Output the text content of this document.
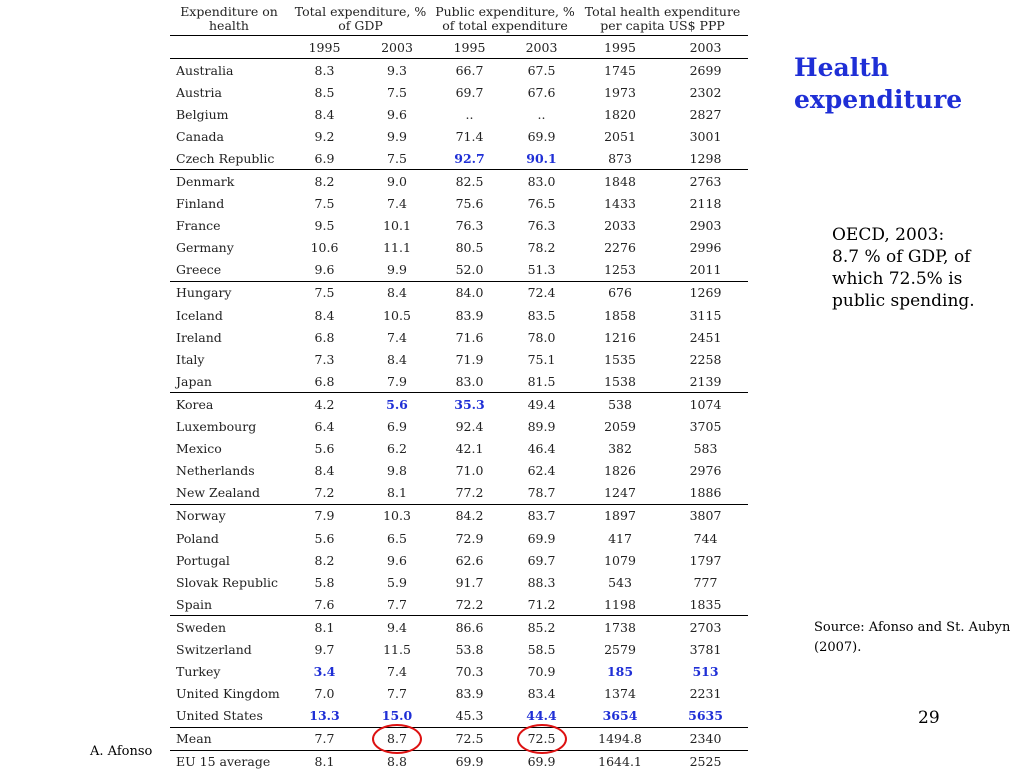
Expenditure on health	Total expenditure, % of GDP		Public expenditure, % of total expenditure		Total health expenditure per capita US$ PPP	
	1995	2003	1995	2003	1995	2003
Australia	8.3	9.3	66.7	67.5	1745	2699
Austria	8.5	7.5	69.7	67.6	1973	2302
Belgium	8.4	9.6	..	..	1820	2827
Canada	9.2	9.9	71.4	69.9	2051	3001
Czech Republic	6.9	7.5	92.7	90.1	873	1298
Denmark	8.2	9.0	82.5	83.0	1848	2763
Finland	7.5	7.4	75.6	76.5	1433	2118
France	9.5	10.1	76.3	76.3	2033	2903
Germany	10.6	11.1	80.5	78.2	2276	2996
Greece	9.6	9.9	52.0	51.3	1253	2011
Hungary	7.5	8.4	84.0	72.4	676	1269
Iceland	8.4	10.5	83.9	83.5	1858	3115
Ireland	6.8	7.4	71.6	78.0	1216	2451
Italy	7.3	8.4	71.9	75.1	1535	2258
Japan	6.8	7.9	83.0	81.5	1538	2139
Korea	4.2	5.6	35.3	49.4	538	1074
Luxembourg	6.4	6.9	92.4	89.9	2059	3705
Mexico	5.6	6.2	42.1	46.4	382	583
Netherlands	8.4	9.8	71.0	62.4	1826	2976
New Zealand	7.2	8.1	77.2	78.7	1247	1886
Norway	7.9	10.3	84.2	83.7	1897	3807
Poland	5.6	6.5	72.9	69.9	417	744
Portugal	8.2	9.6	62.6	69.7	1079	1797
Slovak Republic	5.8	5.9	91.7	88.3	543	777
Spain	7.6	7.7	72.2	71.2	1198	1835
Sweden	8.1	9.4	86.6	85.2	1738	2703
Switzerland	9.7	11.5	53.8	58.5	2579	3781
Turkey	3.4	7.4	70.3	70.9	185	513
United Kingdom	7.0	7.7	83.9	83.4	1374	2231
United States	13.3	15.0	45.3	44.4	3654	5635
Mean	7.7	8.7	72.5	72.5	1494.8	2340
EU 15 average	8.1	8.8	69.9	69.9	1644.1	2525
Health expenditure
OECD, 2003:
8.7 % of GDP, of
which 72.5% is
public spending.
Source: Afonso and St. Aubyn (2007).
29
A. Afonso
